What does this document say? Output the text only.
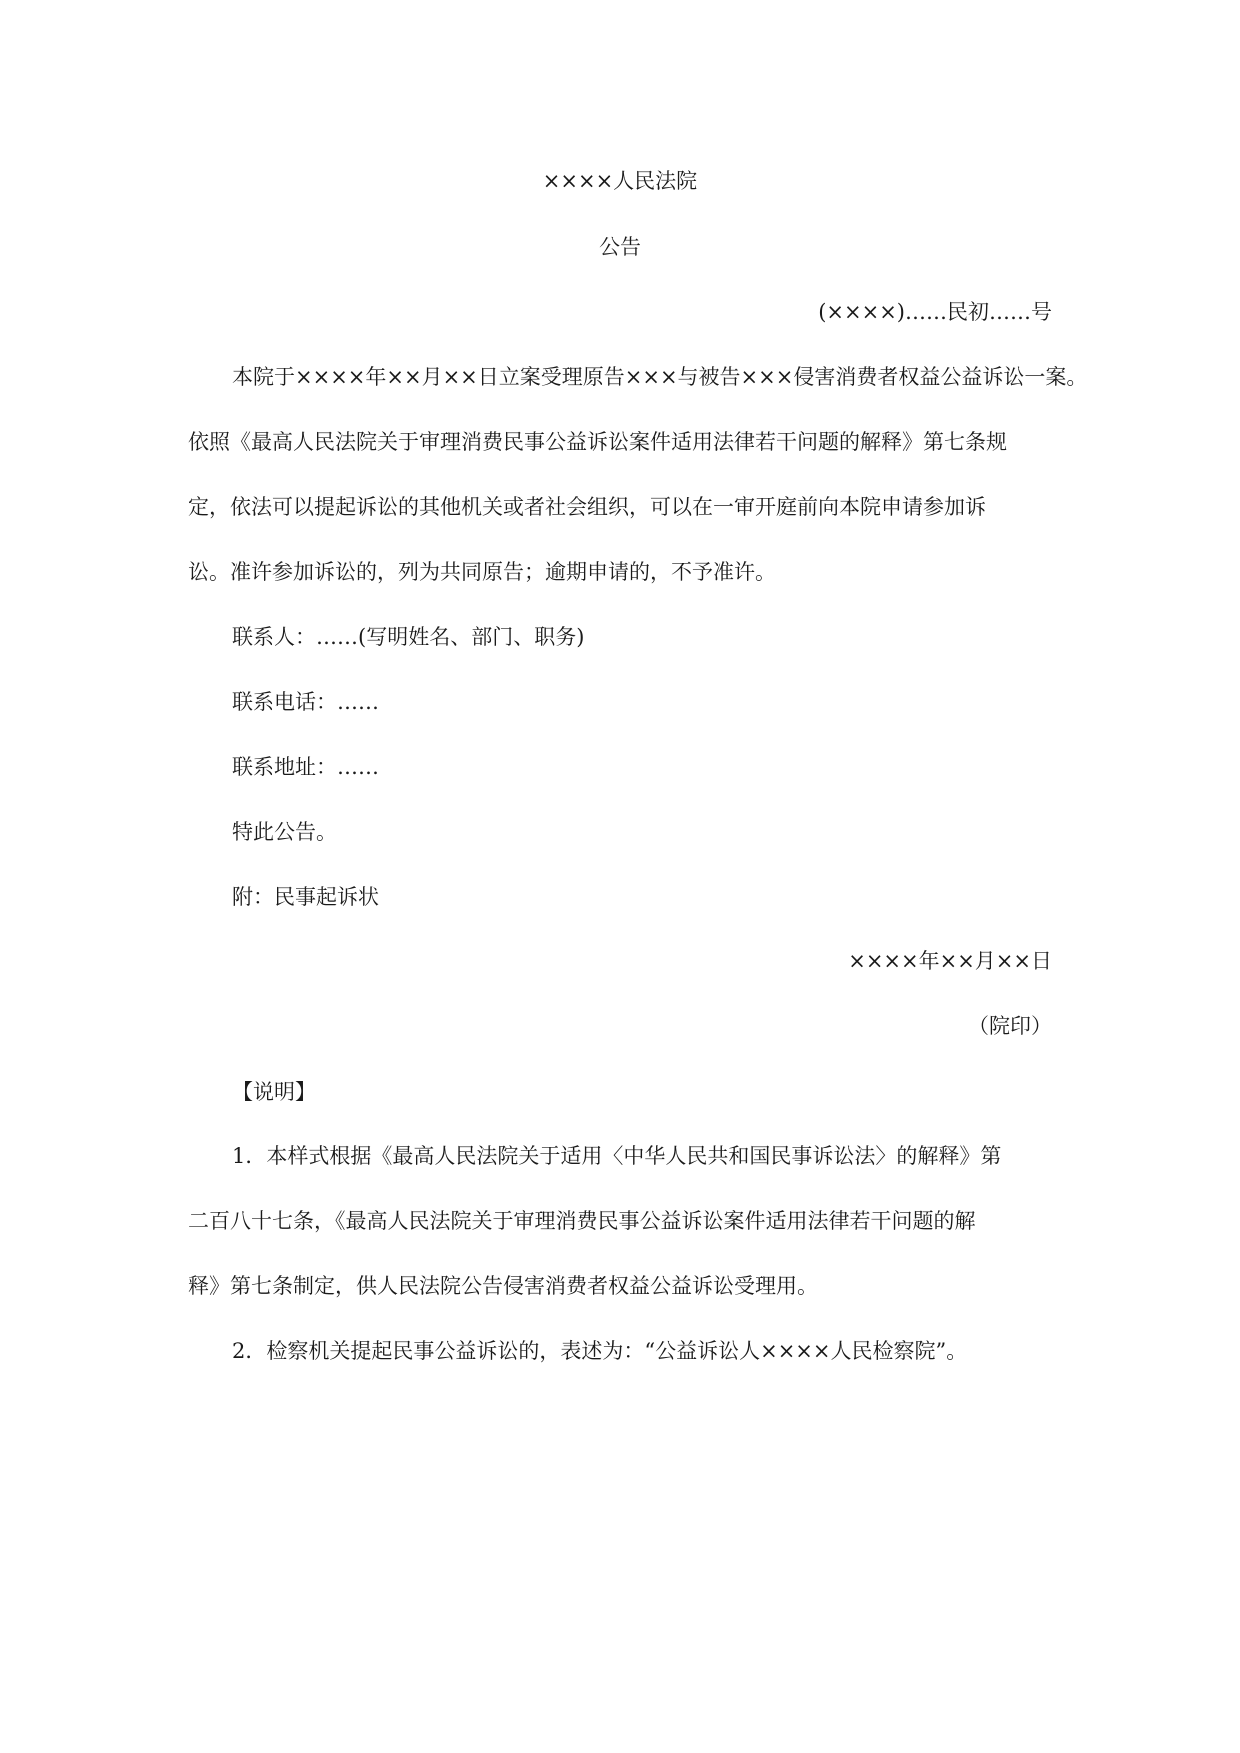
××××人民法院
公告
(××××)……民初……号
本院于××××年××月××日立案受理原告×××与被告×××侵害消费者权益公益诉讼一案。
依照《最高人民法院关于审理消费民事公益诉讼案件适用法律若干问题的解释》第七条规
定，依法可以提起诉讼的其他机关或者社会组织，可以在一审开庭前向本院申请参加诉
讼。准许参加诉讼的，列为共同原告；逾期申请的，不予准许。
联系人：……(写明姓名、部门、职务)
联系电话：……
联系地址：……
特此公告。
附：民事起诉状
××××年××月××日
（院印）
【说明】
1．本样式根据《最高人民法院关于适用〈中华人民共和国民事诉讼法〉的解释》第
二百八十七条，《最高人民法院关于审理消费民事公益诉讼案件适用法律若干问题的解
释》第七条制定，供人民法院公告侵害消费者权益公益诉讼受理用。
2．检察机关提起民事公益诉讼的，表述为：“公益诉讼人××××人民检察院”。
